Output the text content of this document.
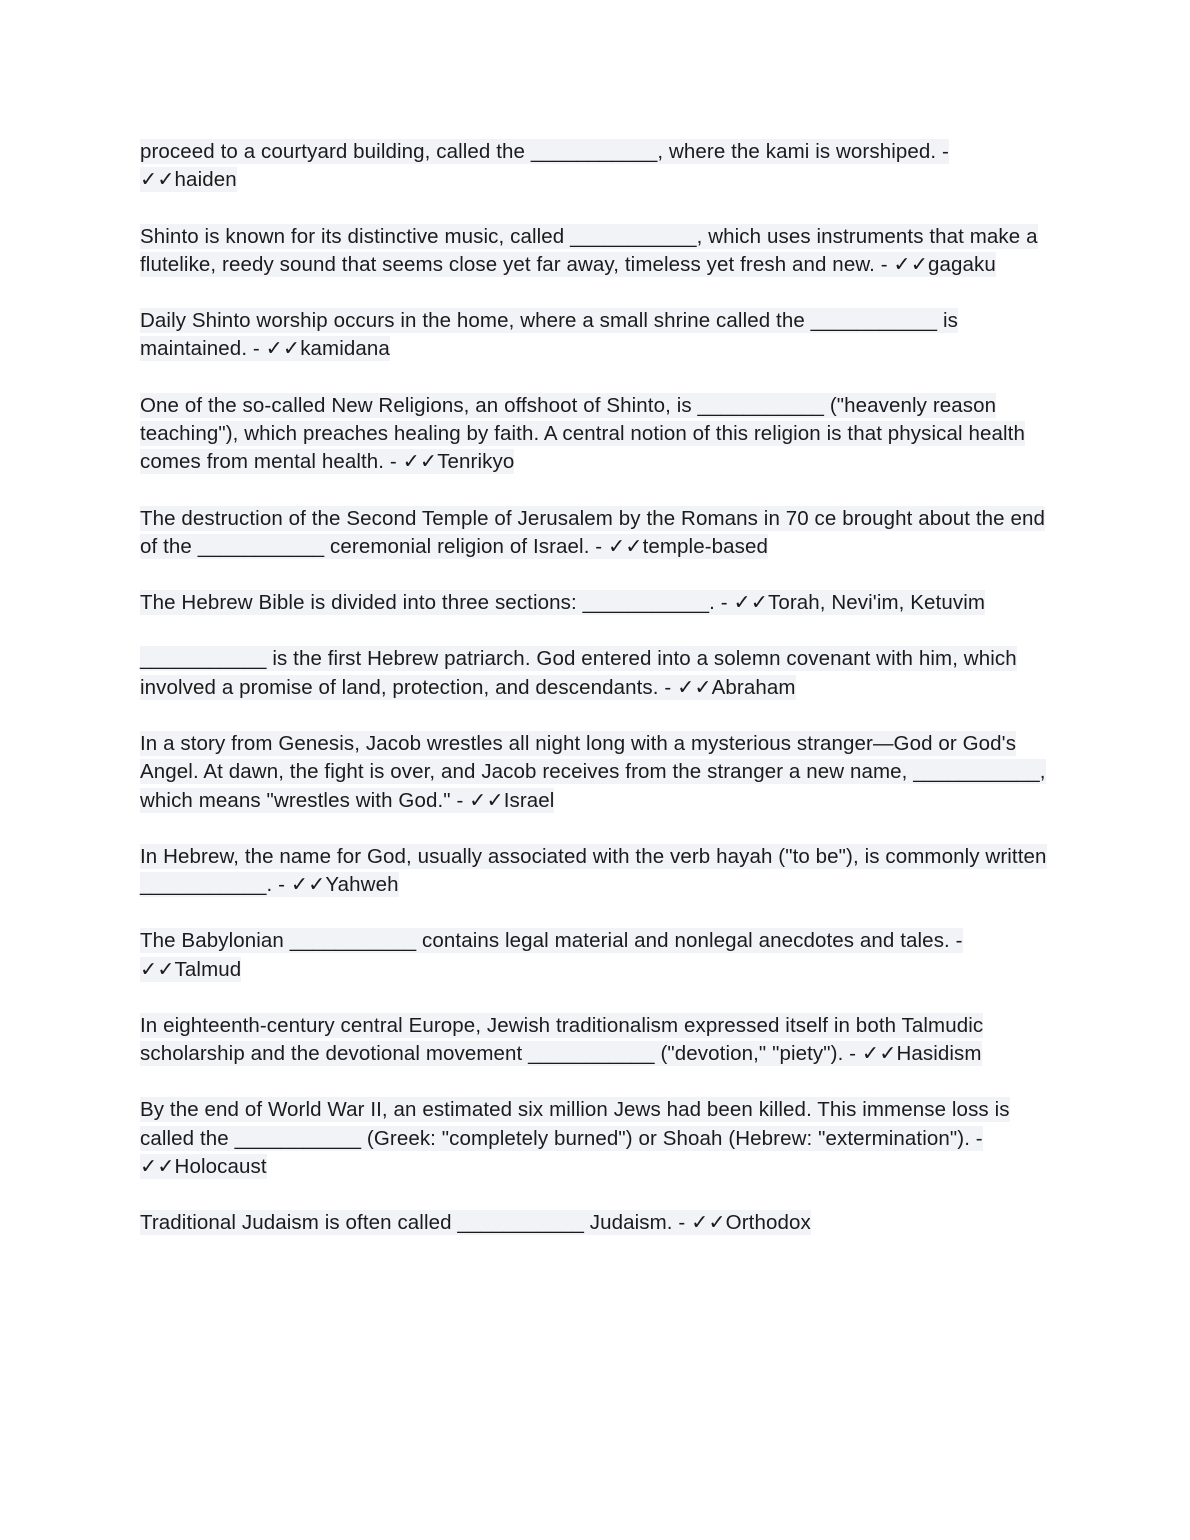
proceed to a courtyard building, called the ___________, where the kami is worshiped. - ✓✓haiden

Shinto is known for its distinctive music, called ___________, which uses instruments that make a flutelike, reedy sound that seems close yet far away, timeless yet fresh and new. - ✓✓gagaku

Daily Shinto worship occurs in the home, where a small shrine called the ___________ is maintained. - ✓✓kamidana

One of the so-called New Religions, an offshoot of Shinto, is ___________ ("heavenly reason teaching"), which preaches healing by faith. A central notion of this religion is that physical health comes from mental health. - ✓✓Tenrikyo

The destruction of the Second Temple of Jerusalem by the Romans in 70 ce brought about the end of the ___________ ceremonial religion of Israel. - ✓✓temple-based

The Hebrew Bible is divided into three sections: ___________. - ✓✓Torah, Nevi'im, Ketuvim

___________ is the first Hebrew patriarch. God entered into a solemn covenant with him, which involved a promise of land, protection, and descendants. - ✓✓Abraham

In a story from Genesis, Jacob wrestles all night long with a mysterious stranger—God or God's Angel. At dawn, the fight is over, and Jacob receives from the stranger a new name, ___________, which means "wrestles with God." - ✓✓Israel

In Hebrew, the name for God, usually associated with the verb hayah ("to be"), is commonly written ___________. - ✓✓Yahweh

The Babylonian ___________ contains legal material and nonlegal anecdotes and tales. - ✓✓Talmud

In eighteenth-century central Europe, Jewish traditionalism expressed itself in both Talmudic scholarship and the devotional movement ___________ ("devotion," "piety"). - ✓✓Hasidism

By the end of World War II, an estimated six million Jews had been killed. This immense loss is called the ___________ (Greek: "completely burned") or Shoah (Hebrew: "extermination"). - ✓✓Holocaust

Traditional Judaism is often called ___________ Judaism. - ✓✓Orthodox
